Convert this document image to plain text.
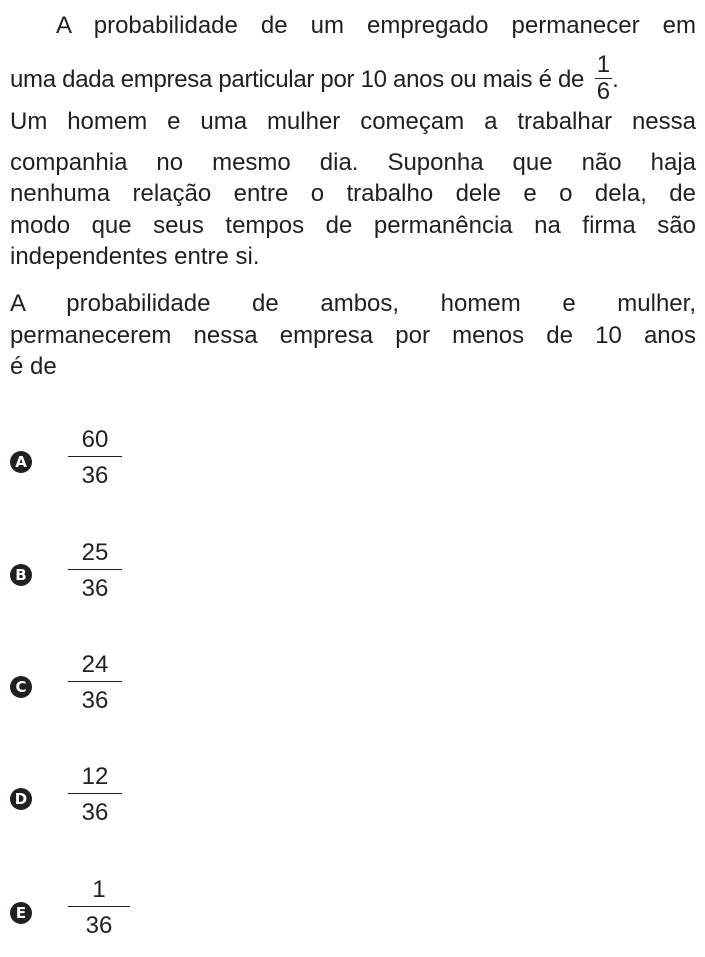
A probabilidade de um empregado permanecer em
uma dada empresa particular por 10 anos ou mais é de $\frac{1}{6}$ .
Um homem e uma mulher começam a trabalhar nessa
companhia no mesmo dia. Suponha que não haja
nenhuma relação entre o trabalho dele e o dela, de
modo que seus tempos de permanência na firma são
independentes entre si.
A probabilidade de ambos, homem e mulher,
permanecerem nessa empresa por menos de 10 anos
é de
A
60
36
B
25
36
C
24
36
D
12
36
E
1
36
